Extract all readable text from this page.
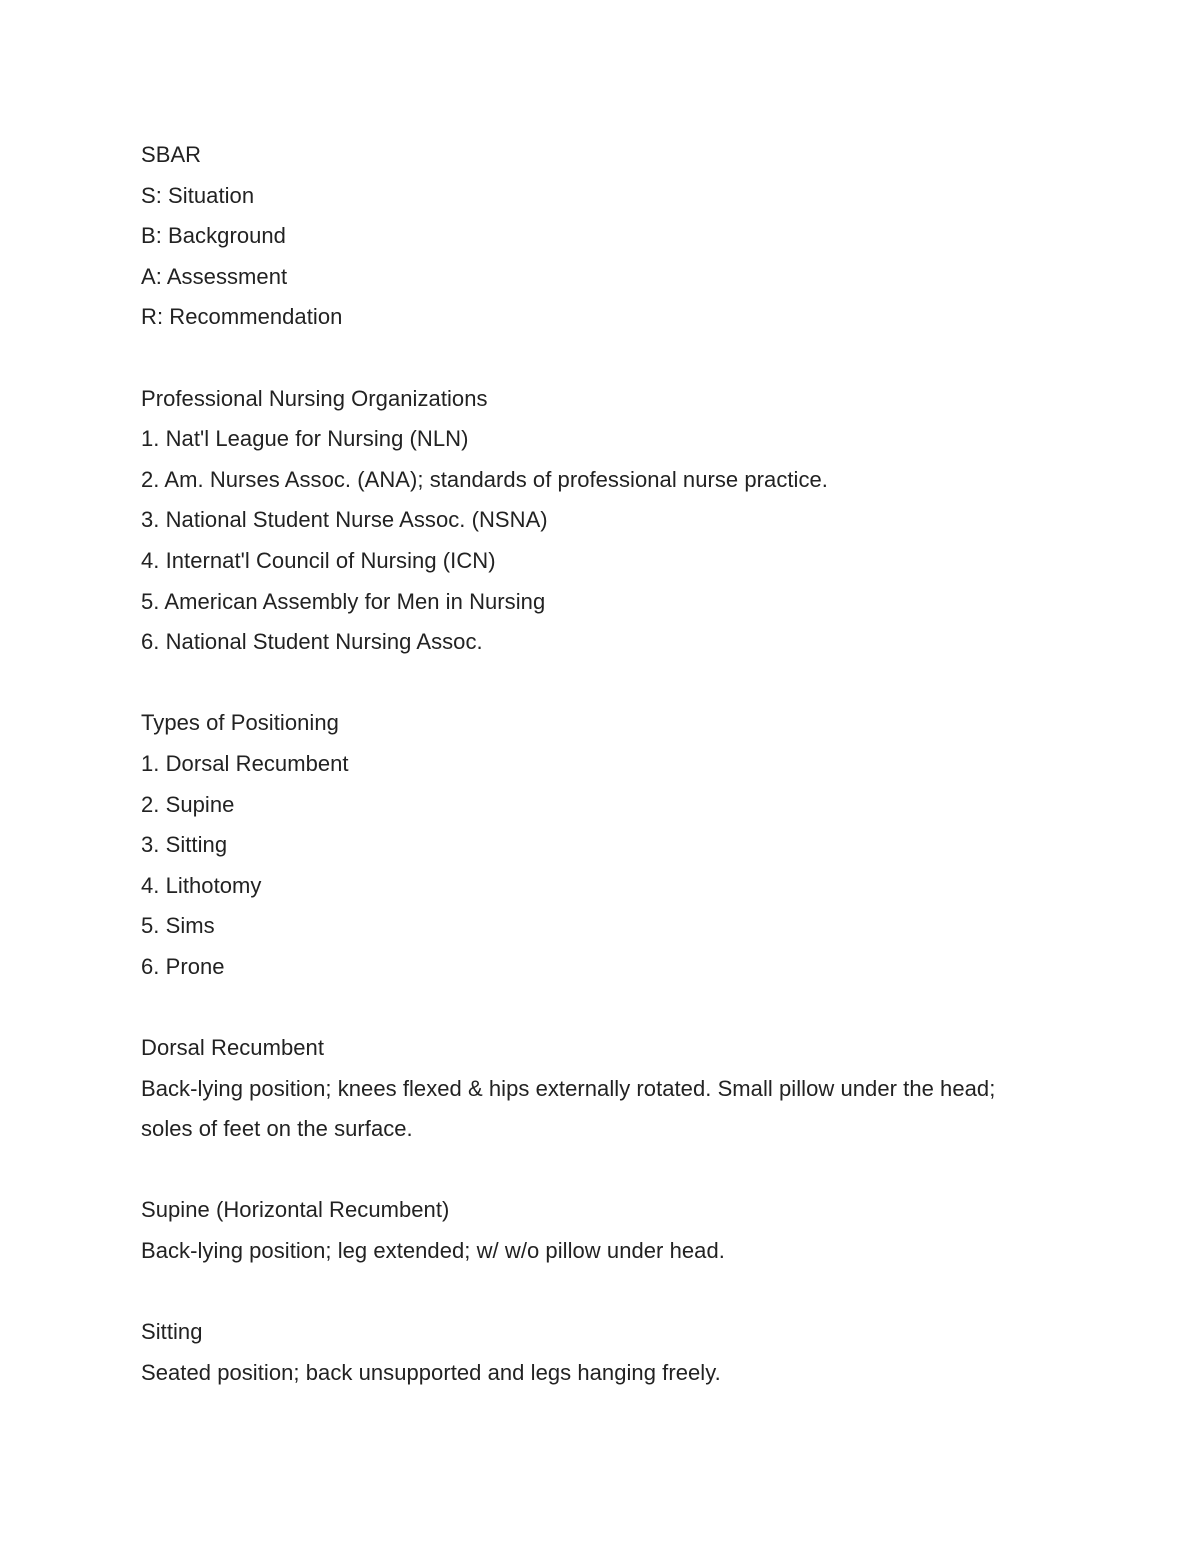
SBAR
S: Situation
B: Background
A: Assessment
R: Recommendation
Professional Nursing Organizations
1. Nat'l League for Nursing (NLN)
2. Am. Nurses Assoc. (ANA); standards of professional nurse practice.
3. National Student Nurse Assoc. (NSNA)
4. Internat'l Council of Nursing (ICN)
5. American Assembly for Men in Nursing
6. National Student Nursing Assoc.
Types of Positioning
1. Dorsal Recumbent
2. Supine
3. Sitting
4. Lithotomy
5. Sims
6. Prone
Dorsal Recumbent
Back-lying position; knees flexed & hips externally rotated. Small pillow under the head;
soles of feet on the surface.
Supine (Horizontal Recumbent)
Back-lying position; leg extended; w/ w/o pillow under head.
Sitting
Seated position; back unsupported and legs hanging freely.
